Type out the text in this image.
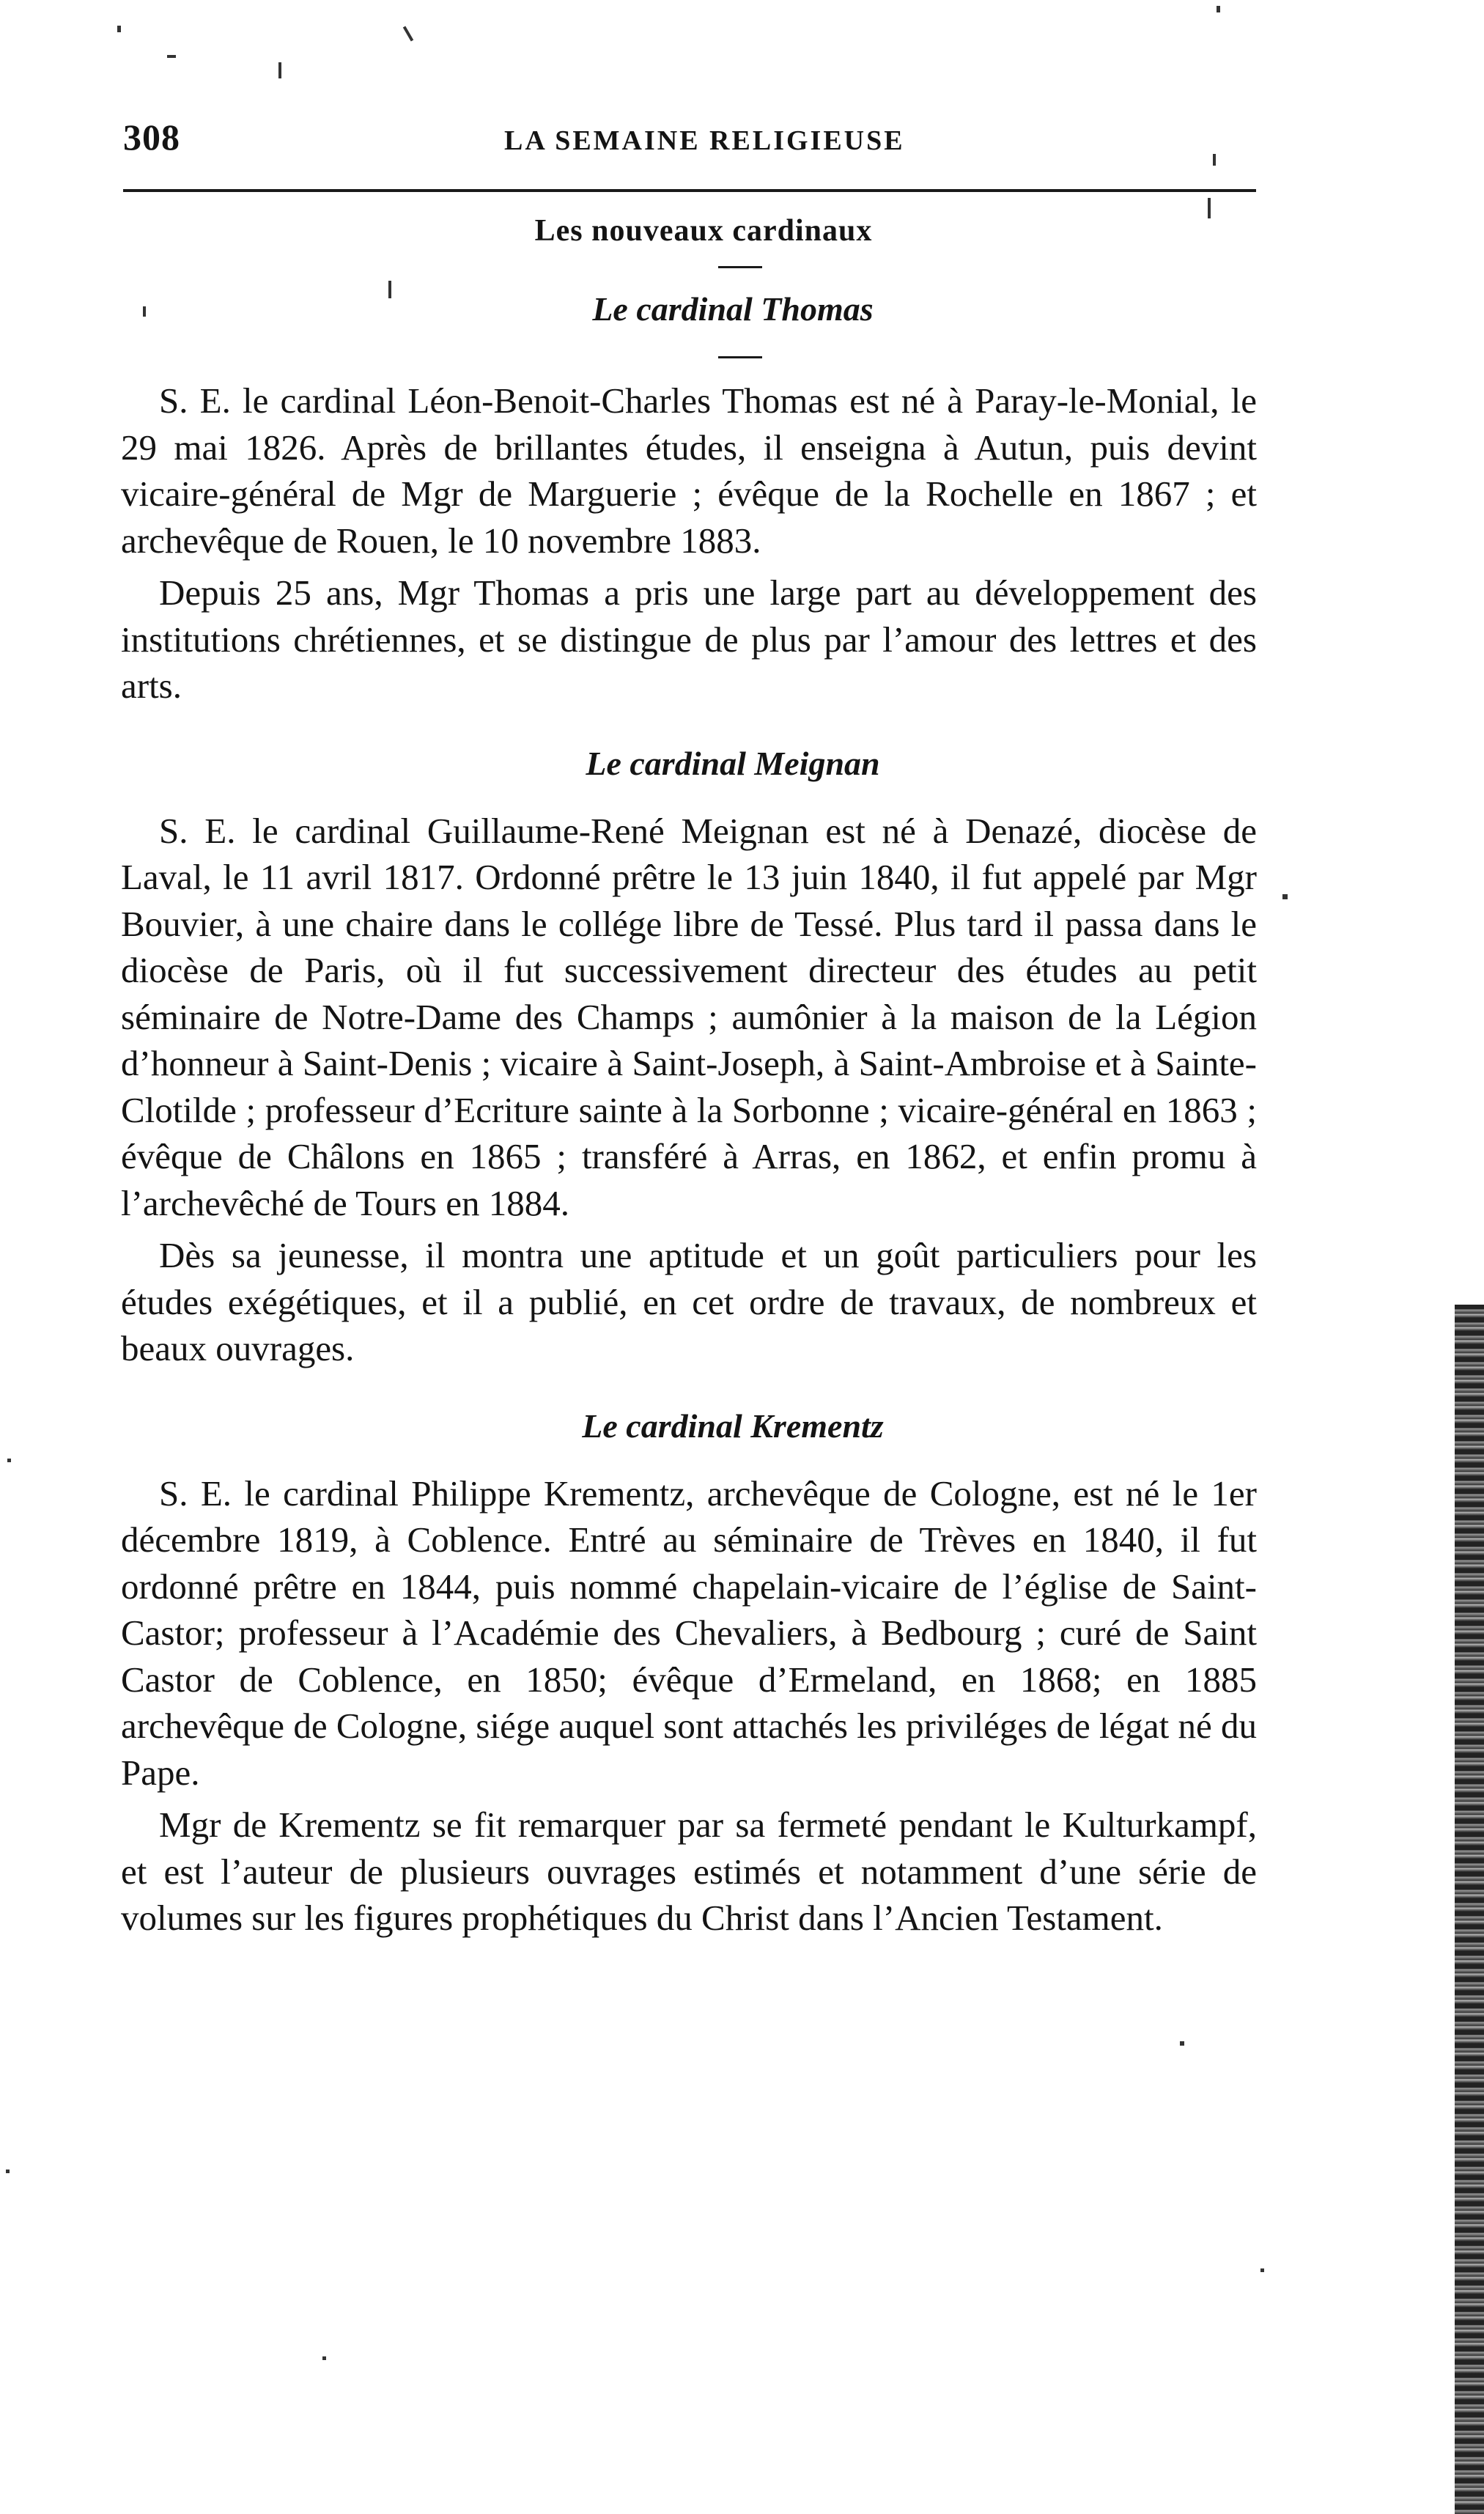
308	LA SEMAINE RELIGIEUSE
Les nouveaux cardinaux
Le cardinal Thomas

S. E. le cardinal Léon-Benoit-Charles Thomas est né à Paray-le-Monial, le 29 mai 1826. Après de brillantes études, il enseigna à Autun, puis devint vicaire-général de Mgr de Marguerie ; évêque de la Rochelle en 1867 ; et archevêque de Rouen, le 10 novembre 1883.

Depuis 25 ans, Mgr Thomas a pris une large part au développement des institutions chrétiennes, et se distingue de plus par l’amour des lettres et des arts.

Le cardinal Meignan

S. E. le cardinal Guillaume-René Meignan est né à Denazé, diocèse de Laval, le 11 avril 1817. Ordonné prêtre le 13 juin 1840, il fut appelé par Mgr Bouvier, à une chaire dans le collége libre de Tessé. Plus tard il passa dans le diocèse de Paris, où il fut successivement directeur des études au petit séminaire de Notre-Dame des Champs ; aumônier à la maison de la Légion d’honneur à Saint-Denis ; vicaire à Saint-Joseph, à Saint-Ambroise et à Sainte-Clotilde ; professeur d’Ecriture sainte à la Sorbonne ; vicaire-général en 1863 ; évêque de Châlons en 1865 ; transféré à Arras, en 1862, et enfin promu à l’archevêché de Tours en 1884.

Dès sa jeunesse, il montra une aptitude et un goût particuliers pour les études exégétiques, et il a publié, en cet ordre de travaux, de nombreux et beaux ouvrages.

Le cardinal Krementz

S. E. le cardinal Philippe Krementz, archevêque de Cologne, est né le 1er décembre 1819, à Coblence. Entré au séminaire de Trèves en 1840, il fut ordonné prêtre en 1844, puis nommé chapelain-vicaire de l’église de Saint-Castor; professeur à l’Académie des Chevaliers, à Bedbourg ; curé de Saint Castor de Coblence, en 1850; évêque d’Ermeland, en 1868; en 1885 archevêque de Cologne, siége auquel sont attachés les priviléges de légat né du Pape.

Mgr de Krementz se fit remarquer par sa fermeté pendant le Kulturkampf, et est l’auteur de plusieurs ouvrages estimés et notamment d’une série de volumes sur les figures prophétiques du Christ dans l’Ancien Testament.
